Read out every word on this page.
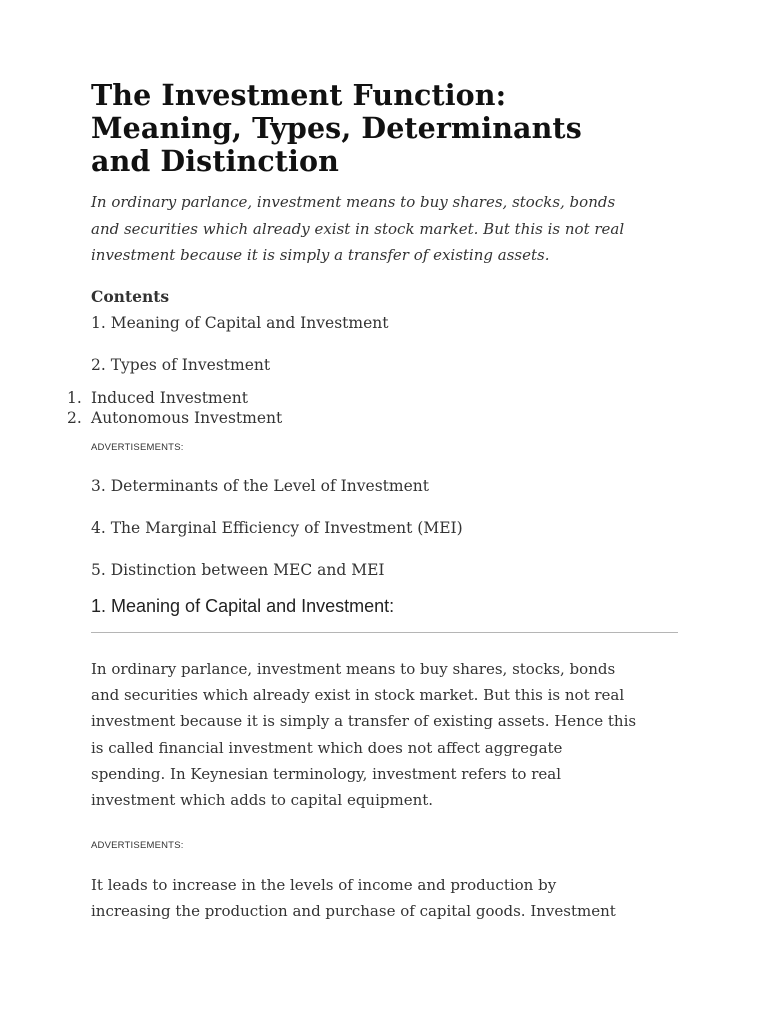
The Investment Function:
Meaning, Types, Determinants
and Distinction

In ordinary parlance, investment means to buy shares, stocks, bonds
and securities which already exist in stock market. But this is not real
investment because it is simply a transfer of existing assets.

Contents

1. Meaning of Capital and Investment
2. Types of Investment
1. Induced Investment
2. Autonomous Investment

ADVERTISEMENTS:

3. Determinants of the Level of Investment
4. The Marginal Efficiency of Investment (MEI)
5. Distinction between MEC and MEI
1. Meaning of Capital and Investment:

In ordinary parlance, investment means to buy shares, stocks, bonds
and securities which already exist in stock market. But this is not real
investment because it is simply a transfer of existing assets. Hence this
is called financial investment which does not affect aggregate
spending. In Keynesian terminology, investment refers to real
investment which adds to capital equipment.

ADVERTISEMENTS:

It leads to increase in the levels of income and production by
increasing the production and purchase of capital goods. Investment
